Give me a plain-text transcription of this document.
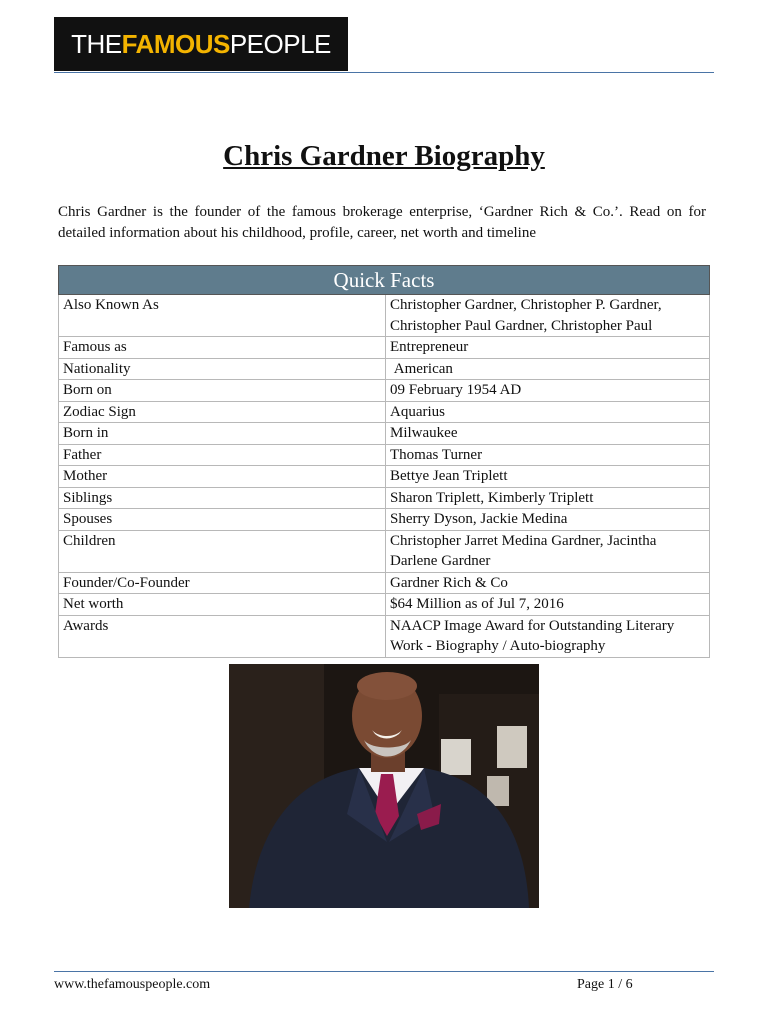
THE FAMOUS PEOPLE
Chris Gardner Biography

Chris Gardner is the founder of the famous brokerage enterprise, ‘Gardner Rich & Co.’. Read on for detailed information about his childhood, profile, career, net worth and timeline

Quick Facts	
Also Known As	Christopher Gardner, Christopher P. Gardner, Christopher Paul Gardner, Christopher Paul
Famous as	Entrepreneur
Nationality	American
Born on	09 February 1954 AD
Zodiac Sign	Aquarius
Born in	Milwaukee
Father	Thomas Turner
Mother	Bettye Jean Triplett
Siblings	Sharon Triplett, Kimberly Triplett
Spouses	Sherry Dyson, Jackie Medina
Children	Christopher Jarret Medina Gardner, Jacintha Darlene Gardner
Founder/Co-Founder	Gardner Rich & Co
Net worth	$64 Million as of Jul 7, 2016
Awards	NAACP Image Award for Outstanding Literary Work - Biography / Auto-biography
www.thefamouspeople.com	Page 1 / 6
